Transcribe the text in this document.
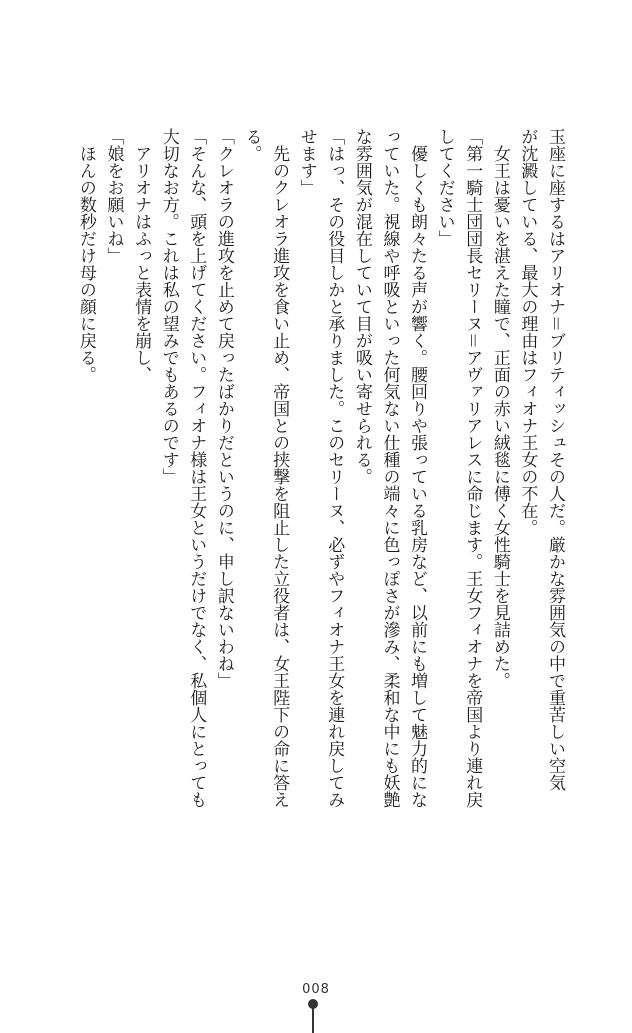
玉座に座するはアリオナ＝ブリティッシュその人だ。厳かな雰囲気の中で重苦しい空気

が沈澱している、最大の理由はフィオナ王女の不在。

　女王は憂いを湛えた瞳で、正面の赤い絨毯に傅く女性騎士を見詰めた。

「第一騎士団団長セリーヌ＝アヴァリアレスに命じます。王女フィオナを帝国より連れ戻

してください」

　優しくも朗々たる声が響く。腰回りや張っている乳房など、以前にも増して魅力的にな

っていた。視線や呼吸といった何気ない仕種の端々に色っぽさが滲み、柔和な中にも妖艶

な雰囲気が混在していて目が吸い寄せられる。

「はっ、その役目しかと承りました。このセリーヌ、必ずやフィオナ王女を連れ戻してみ

せます」

　先のクレオラ進攻を食い止め、帝国との挟撃を阻止した立役者は、女王陛下の命に答え

る。

「クレオラの進攻を止めて戻ったばかりだというのに、申し訳ないわね」

「そんな、頭を上げてください。フィオナ様は王女というだけでなく、私個人にとっても

大切なお方。これは私の望みでもあるのです」

　アリオナはふっと表情を崩し、

「娘をお願いね」

　ほんの数秒だけ母の顔に戻る。

008
